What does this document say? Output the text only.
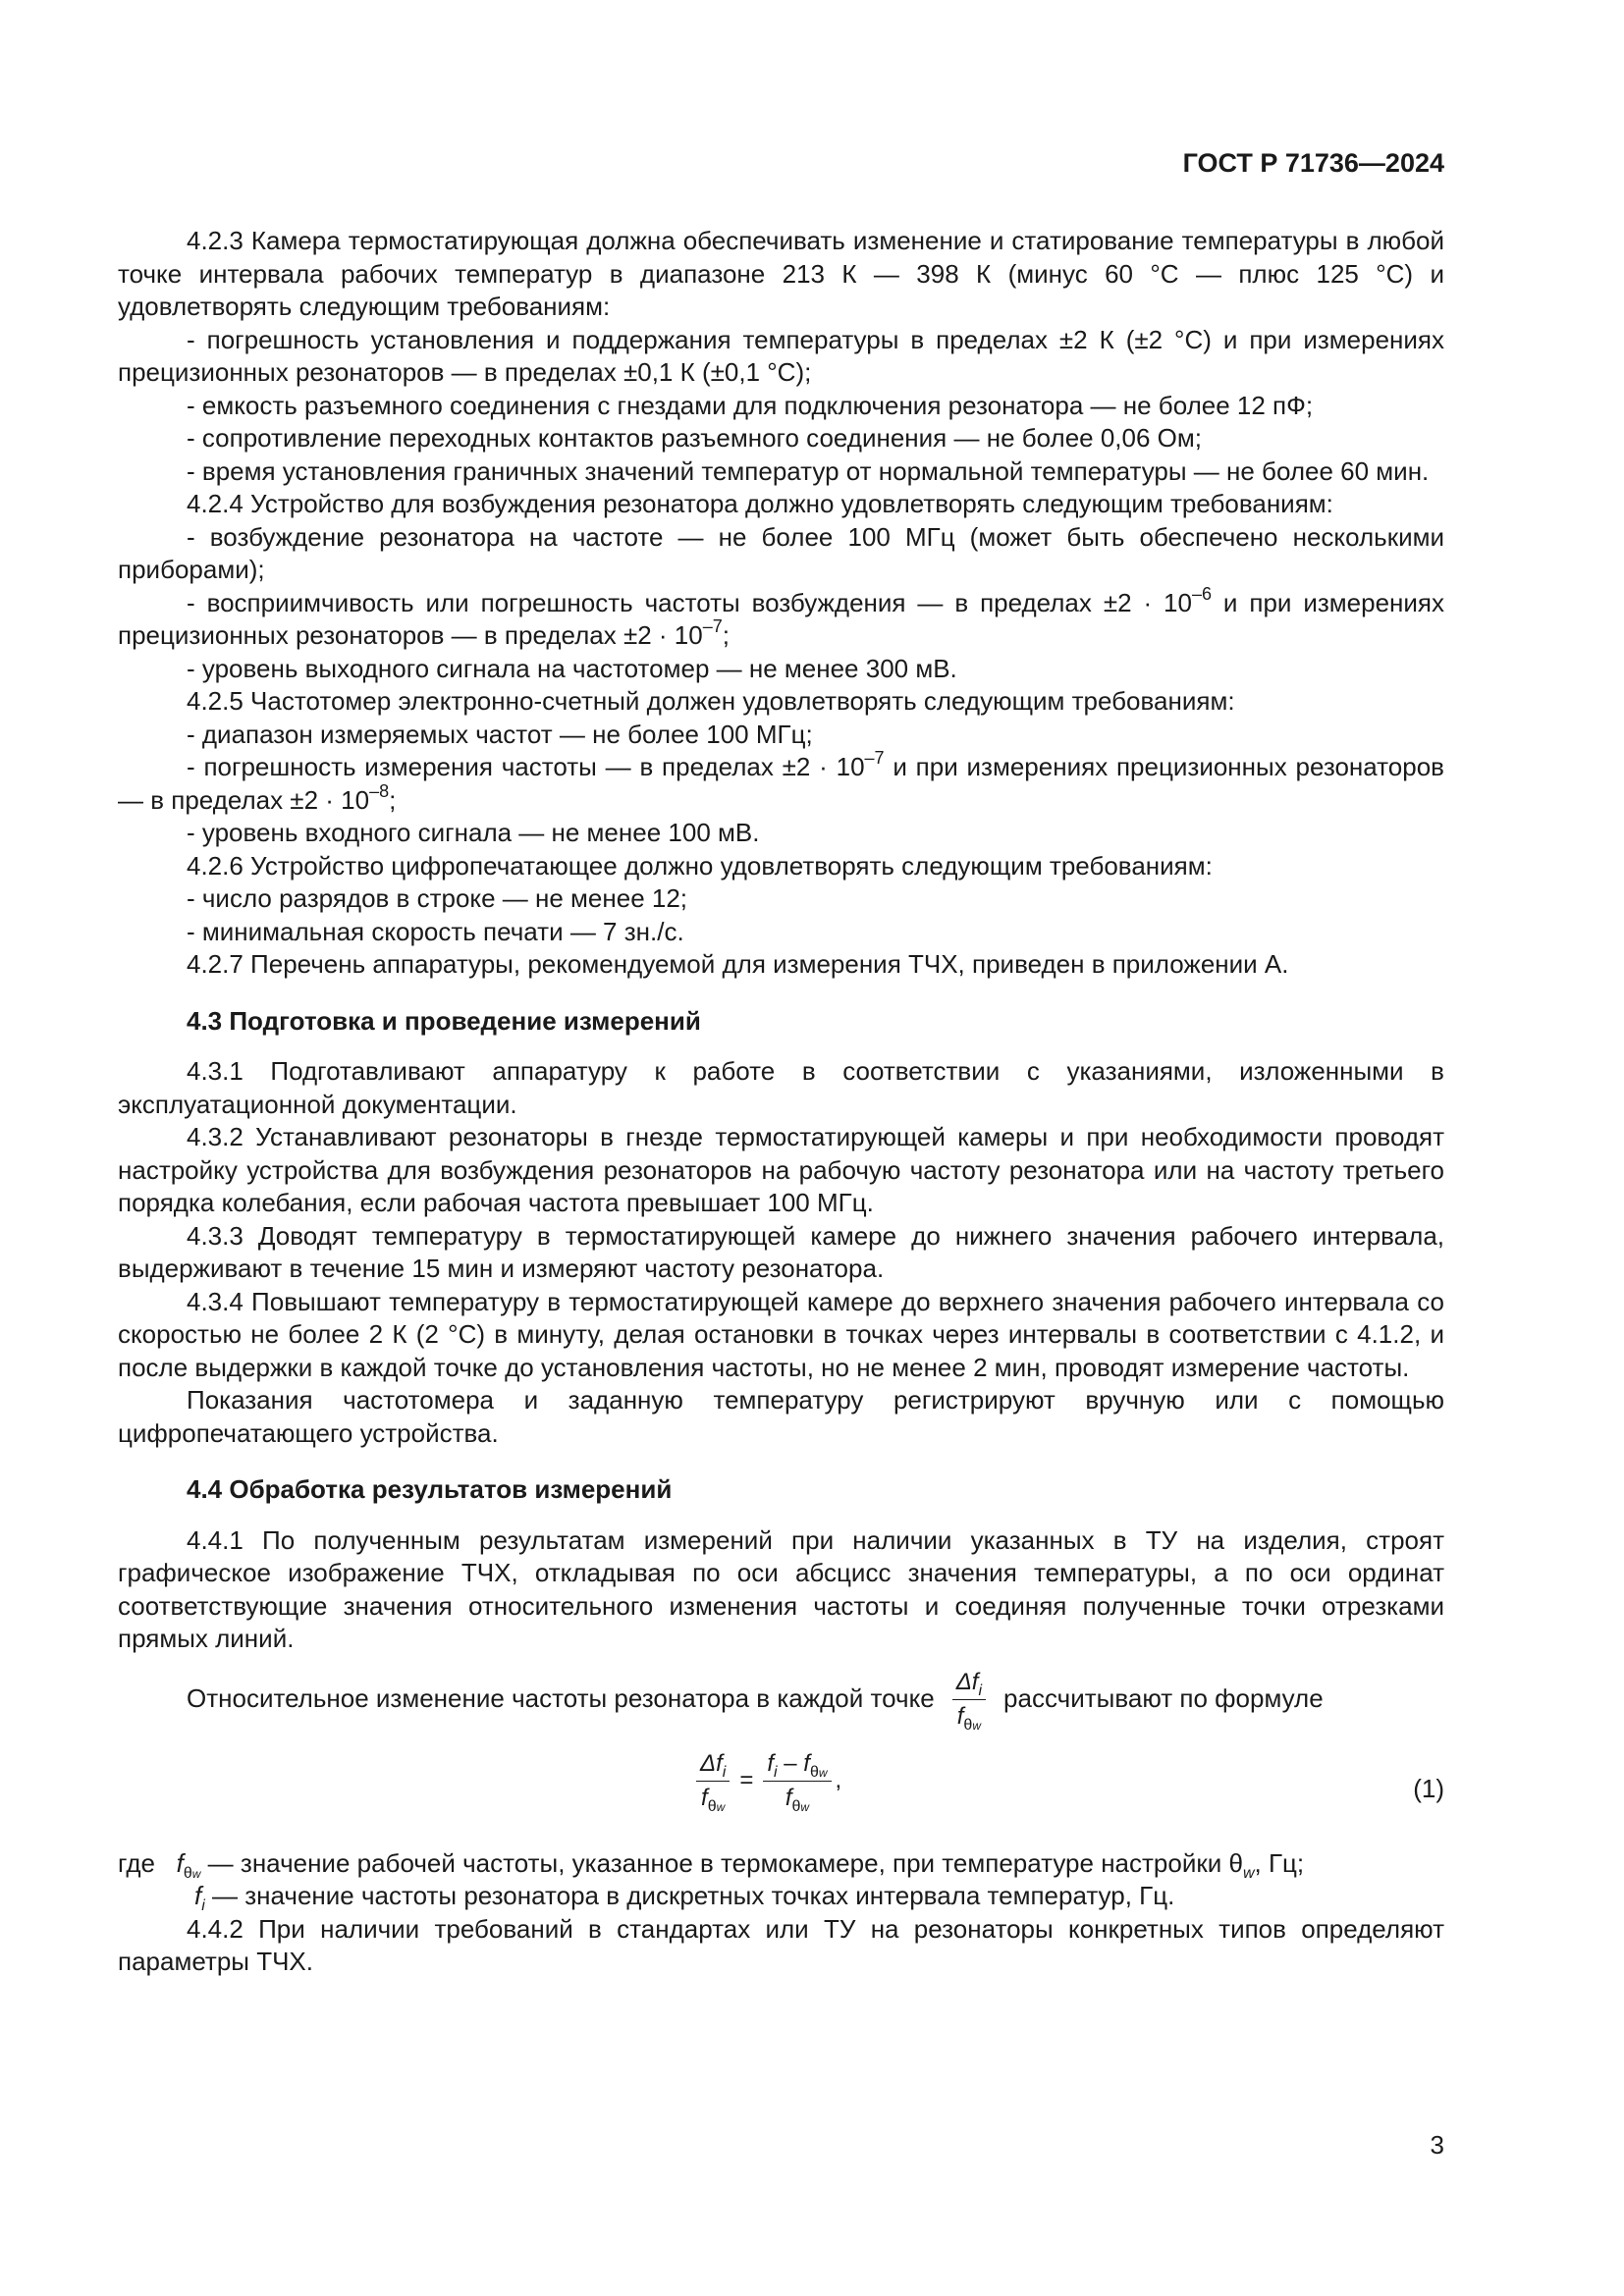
ГОСТ Р 71736—2024

4.2.3 Камера термостатирующая должна обеспечивать изменение и статирование температуры в любой точке интервала рабочих температур в диапазоне 213 К — 398 К (минус 60 °С — плюс 125 °С) и удовлетворять следующим требованиям:

- погрешность установления и поддержания температуры в пределах ±2 К (±2 °С) и при измерениях прецизионных резонаторов — в пределах ±0,1 К (±0,1 °С);

- емкость разъемного соединения с гнездами для подключения резонатора — не более 12 пФ;

- сопротивление переходных контактов разъемного соединения — не более 0,06 Ом;

- время установления граничных значений температур от нормальной температуры — не более 60 мин.

4.2.4 Устройство для возбуждения резонатора должно удовлетворять следующим требованиям:

- возбуждение резонатора на частоте — не более 100 МГц (может быть обеспечено несколькими приборами);

- восприимчивость или погрешность частоты возбуждения — в пределах $\pm 2 \cdot 10^{-6}$ и при измерениях прецизионных резонаторов — в пределах $\pm 2 \cdot 10^{-7}$;

- уровень выходного сигнала на частотомер — не менее 300 мВ.

4.2.5 Частотомер электронно-счетный должен удовлетворять следующим требованиям:

- диапазон измеряемых частот — не более 100 МГц;

- погрешность измерения частоты — в пределах $\pm 2 \cdot 10^{-7}$ и при измерениях прецизионных резонаторов — в пределах $\pm 2 \cdot 10^{-8}$;

- уровень входного сигнала — не менее 100 мВ.

4.2.6 Устройство цифропечатающее должно удовлетворять следующим требованиям:

- число разрядов в строке — не менее 12;

- минимальная скорость печати — 7 зн./с.

4.2.7 Перечень аппаратуры, рекомендуемой для измерения ТЧХ, приведен в приложении А.

4.3 Подготовка и проведение измерений

4.3.1 Подготавливают аппаратуру к работе в соответствии с указаниями, изложенными в эксплуатационной документации.

4.3.2 Устанавливают резонаторы в гнезде термостатирующей камеры и при необходимости проводят настройку устройства для возбуждения резонаторов на рабочую частоту резонатора или на частоту третьего порядка колебания, если рабочая частота превышает 100 МГц.

4.3.3 Доводят температуру в термостатирующей камере до нижнего значения рабочего интервала, выдерживают в течение 15 мин и измеряют частоту резонатора.

4.3.4 Повышают температуру в термостатирующей камере до верхнего значения рабочего интервала со скоростью не более 2 К (2 °С) в минуту, делая остановки в точках через интервалы в соответствии с 4.1.2, и после выдержки в каждой точке до установления частоты, но не менее 2 мин, проводят измерение частоты.

Показания частотомера и заданную температуру регистрируют вручную или с помощью цифропечатающего устройства.

4.4 Обработка результатов измерений

4.4.1 По полученным результатам измерений при наличии указанных в ТУ на изделия, строят графическое изображение ТЧХ, откладывая по оси абсцисс значения температуры, а по оси ординат соответствующие значения относительного изменения частоты и соединяя полученные точки отрезками прямых линий.

Относительное изменение частоты резонатора в каждой точке $\frac{\Delta f_i}{f_{\theta w}}$ рассчитывают по формуле
$\frac{\Delta f_i}{f_{\theta w}} = \frac{f_i - f_{\theta w}}{f_{\theta w}}$ ,	(1)

где $f_{\theta w}$ — значение рабочей частоты, указанное в термокамере, при температуре настройки $\theta_w$, Гц;

$f_i$ — значение частоты резонатора в дискретных точках интервала температур, Гц.

4.4.2 При наличии требований в стандартах или ТУ на резонаторы конкретных типов определяют параметры ТЧХ.

3
